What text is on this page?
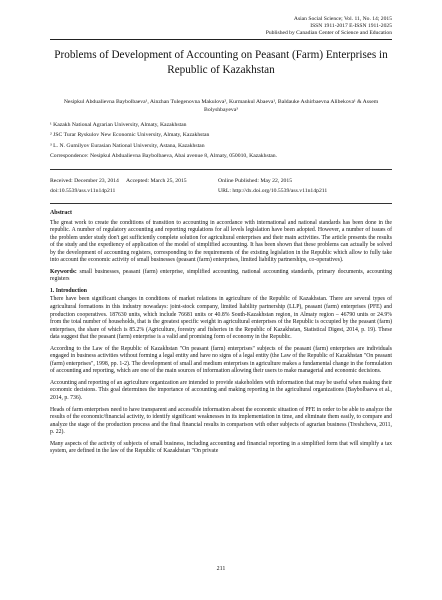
Asian Social Science; Vol. 11, No. 14; 2015
ISSN 1911-2017 E-ISSN 1911-2025
Published by Canadian Center of Science and Education
Problems of Development of Accounting on Peasant (Farm) Enterprises in Republic of Kazakhstan
Nesipkul Abdualievna Baybolbaeva¹, Ainzhan Tulegenovna Makulova², Kurmankul Abaeva¹, Baldauke Ashirbaevna Alibekova¹ & Assem Bolyshbayeva³
¹ Kazakh National Agrarian University, Almaty, Kazakhstan
² JSC Turar Ryskulov New Economic University, Almaty, Kazakhstan
³ L. N. Gumilyov Eurasian National University, Astana, Kazakhstan
Correspondence: Nesipkul Abdualievna Baybolbaeva, Abai avenue 8, Almaty, 050010, Kazakhstan.
Received: December 23, 2014	Accepted: March 25, 2015	Online Published: May 22, 2015
doi:10.5539/ass.v11n14p211	URL: http://dx.doi.org/10.5539/ass.v11n14p211
Abstract

The great work to create the conditions of transition to accounting in accordance with international and national standards has been done in the republic. A number of regulatory accounting and reporting regulations for all levels legislation have been adopted. However, a number of issues of the problem under study don't get sufficiently complete solution for agricultural enterprises and their main activities. The article presents the results of the study and the expediency of application of the model of simplified accounting. It has been shown that these problems can actually be solved by the development of accounting registers, corresponding to the requirements of the existing legislation in the Republic which allow to fully take into account the economic activity of small businesses (peasant (farm) enterprises, limited liability partnerships, co-operatives).

Keywords: small businesses, peasant (farm) enterprise, simplified accounting, national accounting standards, primary documents, accounting registers

1. Introduction

There have been significant changes in conditions of market relations in agriculture of the Republic of Kazakhstan. There are several types of agricultural formations in this industry nowadays: joint-stock company, limited liability partnership (LLP), peasant (farm) enterprises (PFE) and production cooperatives. 187630 units, which include 76681 units or 40.8% South-Kazakhstan region, in Almaty region – 46790 units or 24.9% from the total number of households, that is the greatest specific weight in agricultural enterprises of the Republic is occupied by the peasant (farm) enterprises, the share of which is 85.2% (Agriculture, forestry and fisheries in the Republic of Kazakhstan, Statistical Digest, 2014, p. 19). These data suggest that the peasant (farm) enterprise is a valid and promising form of economy in the Republic.

According to the Law of the Republic of Kazakhstan "On peasant (farm) enterprises" subjects of the peasant (farm) enterprises are individuals engaged in business activities without forming a legal entity and have no signs of a legal entity (the Law of the Republic of Kazakhstan "On peasant (farm) enterprises", 1998, pp. 1-2). The development of small and medium enterprises in agriculture makes a fundamental change in the formulation of accounting and reporting, which are one of the main sources of information allowing their users to make managerial and economic decisions.

Accounting and reporting of an agriculture organization are intended to provide stakeholders with information that may be useful when making their economic decisions. This goal determines the importance of accounting and making reporting in the agricultural organizations (Baybolbaeva et al., 2014, p. 736).

Heads of farm enterprises need to have transparent and accessible information about the economic situation of PFE in order to be able to analyze the results of the economic/financial activity, to identify significant weaknesses in its implementation in time, and eliminate them easily, to compare and analyze the stage of the production process and the final financial results in comparison with other subjects of agrarian business (Treshcheva, 2011, p. 22).

Many aspects of the activity of subjects of small business, including accounting and financial reporting in a simplified form that will simplify a tax system, are defined in the law of the Republic of Kazakhstan "On private

211
